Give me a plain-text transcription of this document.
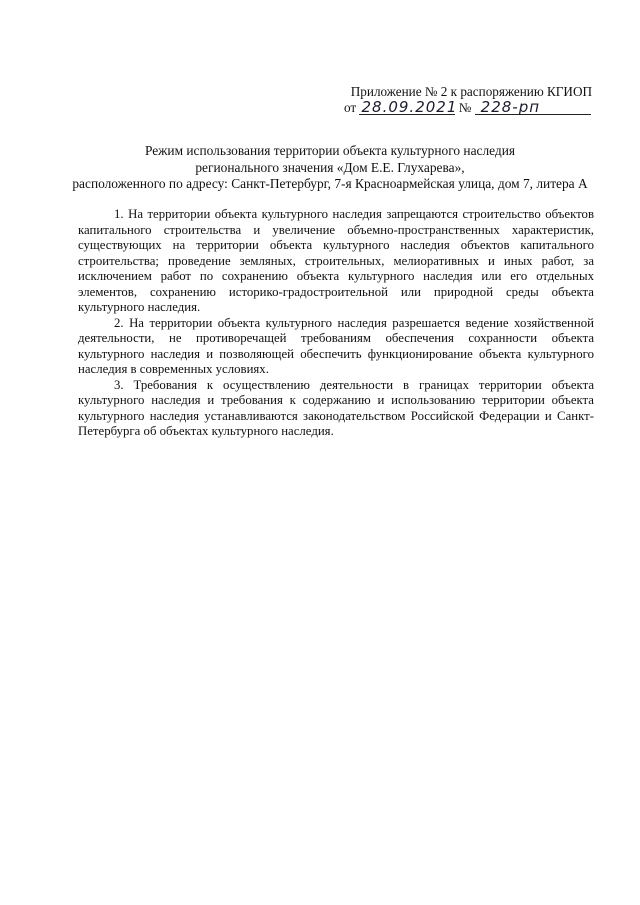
Приложение № 2 к распоряжению КГИОП
от 28.09.2021 № 228-рп
Режим использования территории объекта культурного наследия
регионального значения «Дом Е.Е. Глухарева»,
расположенного по адресу: Санкт-Петербург, 7-я Красноармейская улица, дом 7, литера А

1. На территории объекта культурного наследия запрещаются строительство объектов капитального строительства и увеличение объемно-пространственных характеристик, существующих на территории объекта культурного наследия объектов капитального строительства; проведение земляных, строительных, мелиоративных и иных работ, за исключением работ по сохранению объекта культурного наследия или его отдельных элементов, сохранению историко-градостроительной или природной среды объекта культурного наследия.

2. На территории объекта культурного наследия разрешается ведение хозяйственной деятельности, не противоречащей требованиям обеспечения сохранности объекта культурного наследия и позволяющей обеспечить функционирование объекта культурного наследия в современных условиях.

3. Требования к осуществлению деятельности в границах территории объекта культурного наследия и требования к содержанию и использованию территории объекта культурного наследия устанавливаются законодательством Российской Федерации и Санкт-Петербурга об объектах культурного наследия.
